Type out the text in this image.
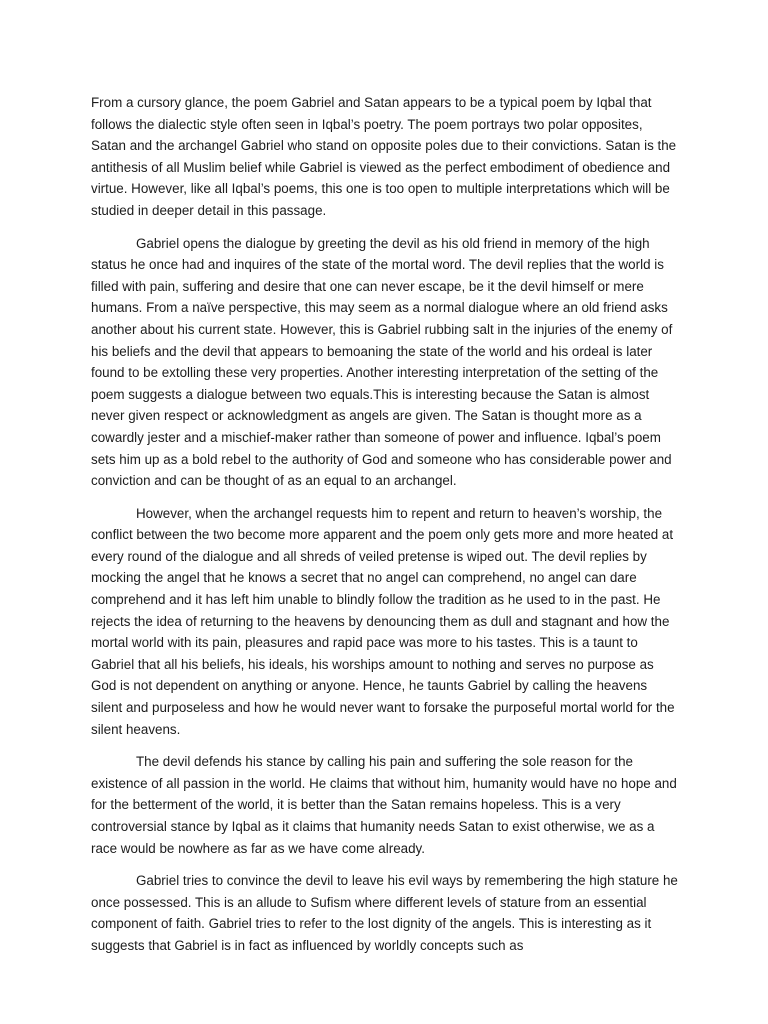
From a cursory glance, the poem Gabriel and Satan appears to be a typical poem by Iqbal that follows the dialectic style often seen in Iqbal’s poetry. The poem portrays two polar opposites, Satan and the archangel Gabriel who stand on opposite poles due to their convictions. Satan is the antithesis of all Muslim belief while Gabriel is viewed as the perfect embodiment of obedience and virtue. However, like all Iqbal’s poems, this one is too open to multiple interpretations which will be studied in deeper detail in this passage.

Gabriel opens the dialogue by greeting the devil as his old friend in memory of the high status he once had and inquires of the state of the mortal word. The devil replies that the world is filled with pain, suffering and desire that one can never escape, be it the devil himself or mere humans. From a naïve perspective, this may seem as a normal dialogue where an old friend asks another about his current state. However, this is Gabriel rubbing salt in the injuries of the enemy of his beliefs and the devil that appears to bemoaning the state of the world and his ordeal is later found to be extolling these very properties. Another interesting interpretation of the setting of the poem suggests a dialogue between two equals.This is interesting because the Satan is almost never given respect or acknowledgment as angels are given. The Satan is thought more as a cowardly jester and a mischief-maker rather than someone of power and influence. Iqbal’s poem sets him up as a bold rebel to the authority of God and someone who has considerable power and conviction and can be thought of as an equal to an archangel.

However, when the archangel requests him to repent and return to heaven’s worship, the conflict between the two become more apparent and the poem only gets more and more heated at every round of the dialogue and all shreds of veiled pretense is wiped out. The devil replies by mocking the angel that he knows a secret that no angel can comprehend, no angel can dare comprehend and it has left him unable to blindly follow the tradition as he used to in the past. He rejects the idea of returning to the heavens by denouncing them as dull and stagnant and how the mortal world with its pain, pleasures and rapid pace was more to his tastes. This is a taunt to Gabriel that all his beliefs, his ideals, his worships amount to nothing and serves no purpose as God is not dependent on anything or anyone. Hence, he taunts Gabriel by calling the heavens silent and purposeless and how he would never want to forsake the purposeful mortal world for the silent heavens.

The devil defends his stance by calling his pain and suffering the sole reason for the existence of all passion in the world. He claims that without him, humanity would have no hope and for the betterment of the world, it is better than the Satan remains hopeless. This is a very controversial stance by Iqbal as it claims that humanity needs Satan to exist otherwise, we as a race would be nowhere as far as we have come already.

Gabriel tries to convince the devil to leave his evil ways by remembering the high stature he once possessed. This is an allude to Sufism where different levels of stature from an essential component of faith. Gabriel tries to refer to the lost dignity of the angels. This is interesting as it suggests that Gabriel is in fact as influenced by worldly concepts such as
